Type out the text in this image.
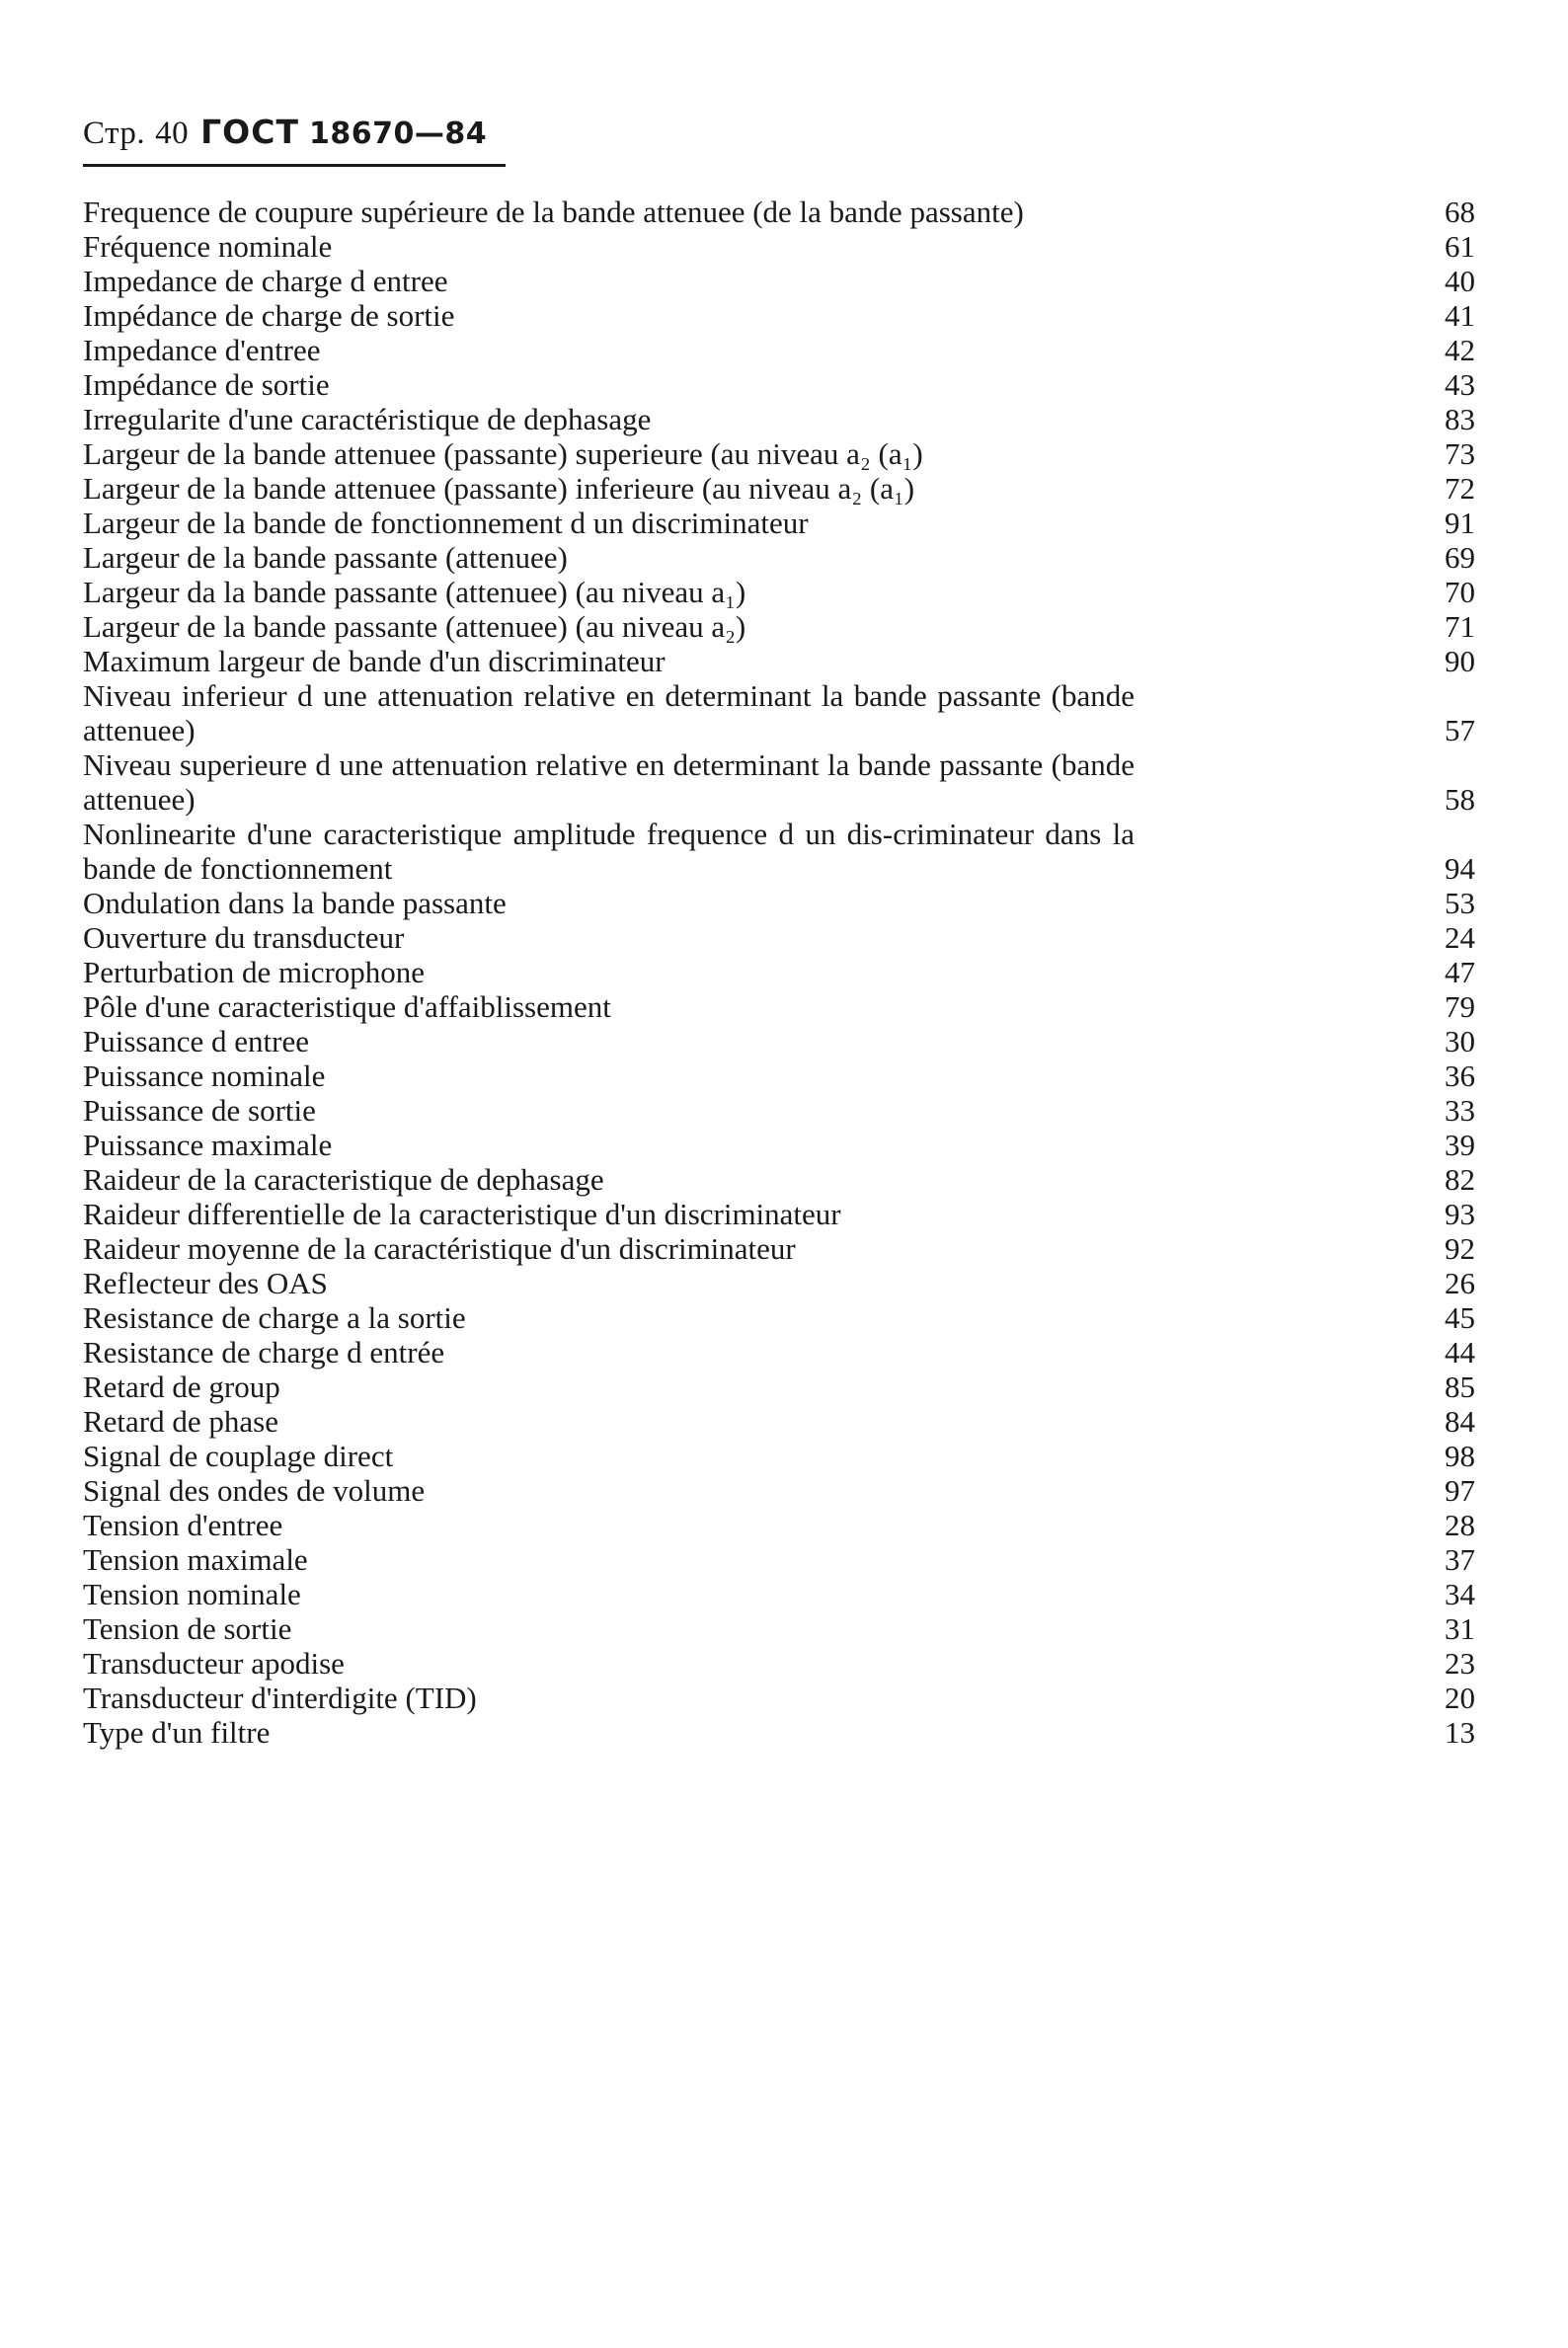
Стр. 40 ГОСТ 18670—84
Frequence de coupure supérieure de la bande attenuee (de la bande passante)	68
Fréquence nominale	61
Impedance de charge d entree	40
Impédance de charge de sortie	41
Impedance d'entree	42
Impédance de sortie	43
Irregularite d'une caractéristique de dephasage	83
Largeur de la bande attenuee (passante) superieure (au niveau a₂ (a₁)	73
Largeur de la bande attenuee (passante) inferieure (au niveau a₂ (a₁)	72
Largeur de la bande de fonctionnement d un discriminateur	91
Largeur de la bande passante (attenuee)	69
Largeur da la bande passante (attenuee) (au niveau a₁)	70
Largeur de la bande passante (attenuee) (au niveau a₂)	71
Maximum largeur de bande d'un discriminateur	90
Niveau inferieur d une attenuation relative en determinant la bande passante (bande attenuee)	57
Niveau superieure d une attenuation relative en determinant la bande passante (bande attenuee)	58
Nonlinearite d'une caracteristique amplitude frequence d un dis-criminateur dans la bande de fonctionnement	94
Ondulation dans la bande passante	53
Ouverture du transducteur	24
Perturbation de microphone	47
Pôle d'une caracteristique d'affaiblissement	79
Puissance d entree	30
Puissance nominale	36
Puissance de sortie	33
Puissance maximale	39
Raideur de la caracteristique de dephasage	82
Raideur differentielle de la caracteristique d'un discriminateur	93
Raideur moyenne de la caractéristique d'un discriminateur	92
Reflecteur des OAS	26
Resistance de charge a la sortie	45
Resistance de charge d entrée	44
Retard de group	85
Retard de phase	84
Signal de couplage direct	98
Signal des ondes de volume	97
Tension d'entree	28
Tension maximale	37
Tension nominale	34
Tension de sortie	31
Transducteur apodise	23
Transducteur d'interdigite (TID)	20
Type d'un filtre	13
